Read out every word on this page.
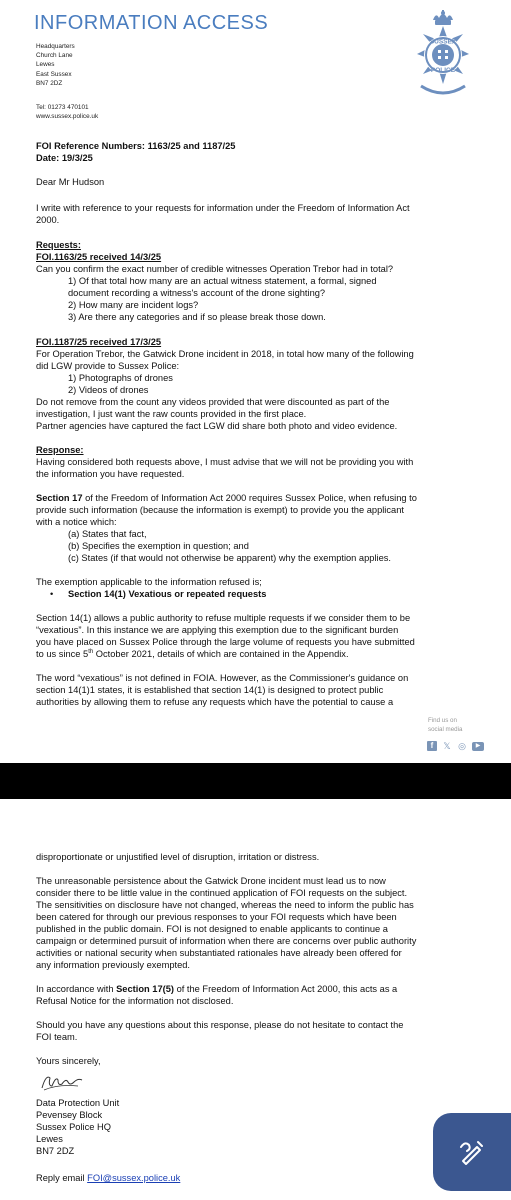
INFORMATION ACCESS
Headquarters
Church Lane
Lewes
East Sussex
BN7 2DZ
Tel: 01273 470101
www.sussex.police.uk
SUSSEX
POLICE
FOI Reference Numbers: 1163/25 and 1187/25
Date: 19/3/25
Dear Mr Hudson
I write with reference to your requests for information under the Freedom of Information Act
2000.
Requests:
FOI.1163/25 received 14/3/25
Can you confirm the exact number of credible witnesses Operation Trebor had in total?
1) Of that total how many are an actual witness statement, a formal, signed
document recording a witness's account of the drone sighting?
2) How many are incident logs?
3) Are there any categories and if so please break those down.
FOI.1187/25 received 17/3/25
For Operation Trebor, the Gatwick Drone incident in 2018, in total how many of the following
did LGW provide to Sussex Police:
1) Photographs of drones
2) Videos of drones
Do not remove from the count any videos provided that were discounted as part of the
investigation, I just want the raw counts provided in the first place.
Partner agencies have captured the fact LGW did share both photo and video evidence.
Response:
Having considered both requests above, I must advise that we will not be providing you with
the information you have requested.
Section 17 of the Freedom of Information Act 2000 requires Sussex Police, when refusing to
provide such information (because the information is exempt) to provide you the applicant
with a notice which:
(a) States that fact,
(b) Specifies the exemption in question; and
(c) States (if that would not otherwise be apparent) why the exemption applies.
The exemption applicable to the information refused is;
• Section 14(1) Vexatious or repeated requests
Section 14(1) allows a public authority to refuse multiple requests if we consider them to be
“vexatious”. In this instance we are applying this exemption due to the significant burden
you have placed on Sussex Police through the large volume of requests you have submitted
to us since 5th October 2021, details of which are contained in the Appendix.
The word “vexatious” is not defined in FOIA. However, as the Commissioner's guidance on
section 14(1)1 states, it is established that section 14(1) is designed to protect public
authorities by allowing them to refuse any requests which have the potential to cause a
Find us on
social media
f	𝕏 ◎	▶
disproportionate or unjustified level of disruption, irritation or distress.
The unreasonable persistence about the Gatwick Drone incident must lead us to now
consider there to be little value in the continued application of FOI requests on the subject.
The sensitivities on disclosure have not changed, whereas the need to inform the public has
been catered for through our previous responses to your FOI requests which have been
published in the public domain. FOI is not designed to enable applicants to continue a
campaign or determined pursuit of information when there are concerns over public authority
activities or national security when substantiated rationales have already been offered for
any information previously exempted.
In accordance with Section 17(5) of the Freedom of Information Act 2000, this acts as a
Refusal Notice for the information not disclosed.
Should you have any questions about this response, please do not hesitate to contact the
FOI team.
Yours sincerely,
Data Protection Unit
Pevensey Block
Sussex Police HQ
Lewes
BN7 2DZ
Reply email FOI@sussex.police.uk
